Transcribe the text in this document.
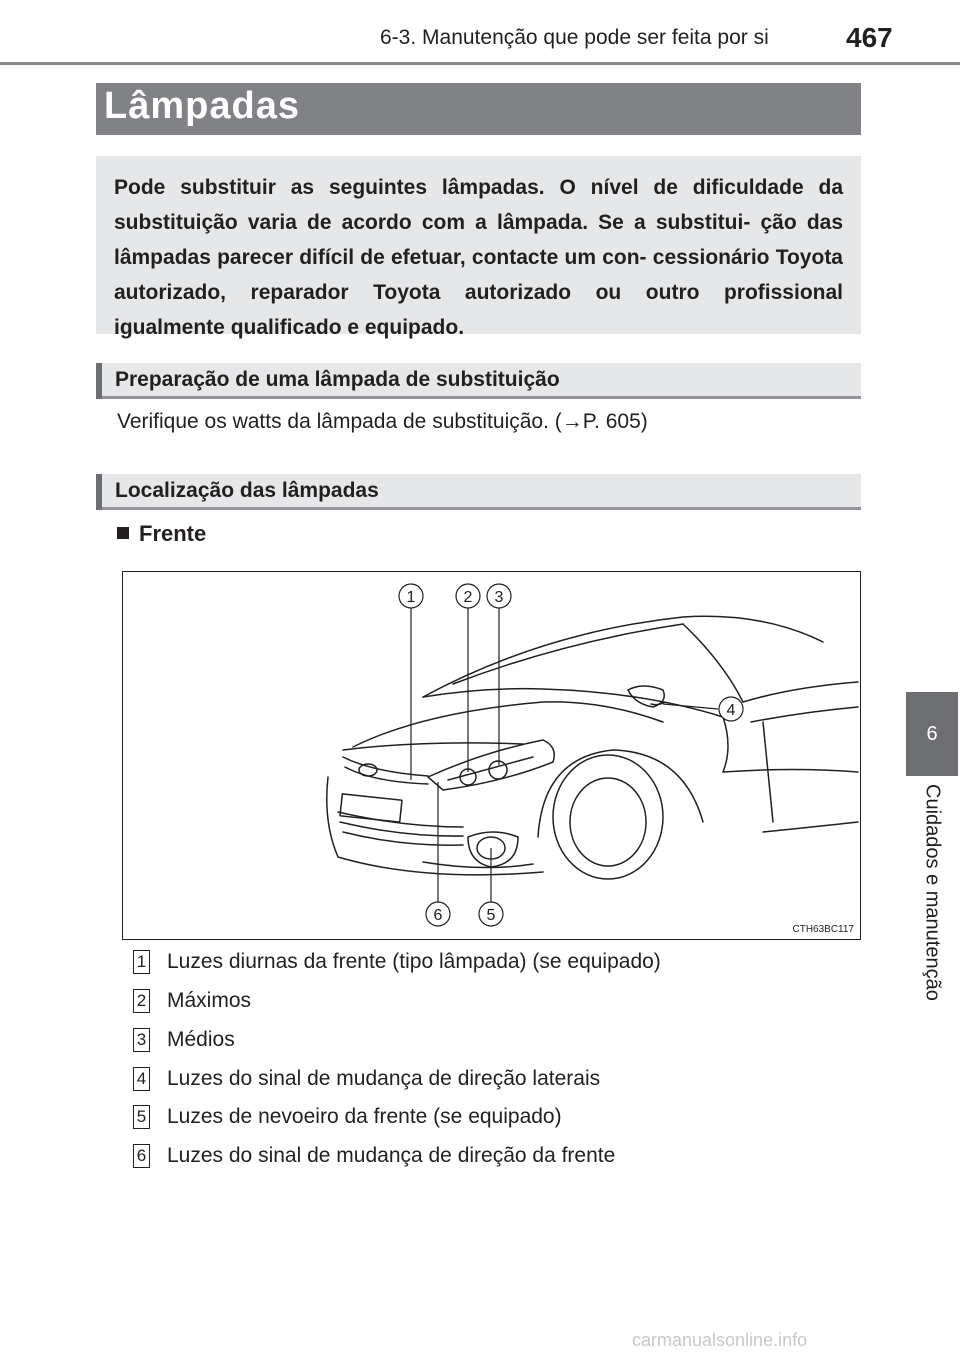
6-3. Manutenção que pode ser feita por si	467
6
Cuidados e manutenção
Lâmpadas

Pode substituir as seguintes lâmpadas. O nível de dificuldade da substituição varia de acordo com a lâmpada. Se a substitui- ção das lâmpadas parecer difícil de efetuar, contacte um con- cessionário Toyota autorizado, reparador Toyota autorizado ou outro profissional igualmente qualificado e equipado.

Preparação de uma lâmpada de substituição
Verifique os watts da lâmpada de substituição. (→P. 605)
Localização das lâmpadas
Frente
1	2 3
4
5
6
CTH63BC117
1 Luzes diurnas da frente (tipo lâmpada) (se equipado)
2 Máximos
3 Médios
4 Luzes do sinal de mudança de direção laterais
5 Luzes de nevoeiro da frente (se equipado)
6 Luzes do sinal de mudança de direção da frente
carmanualsonline.info
